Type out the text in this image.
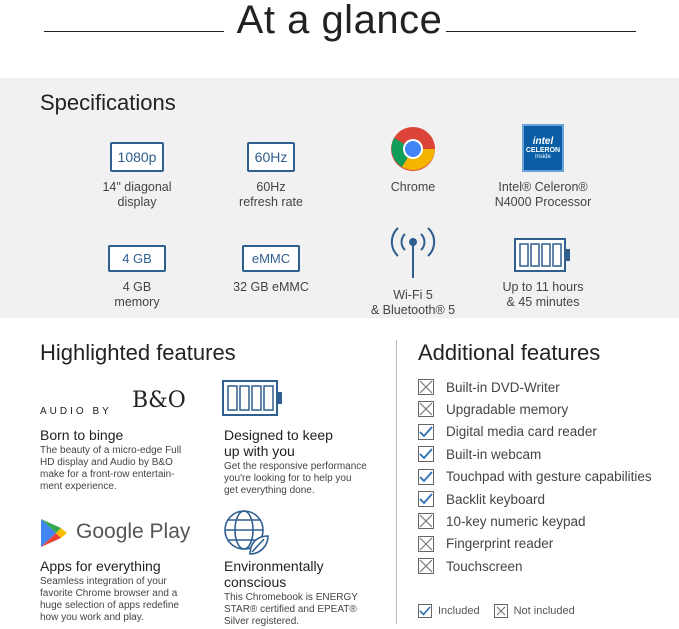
At a glance
Specifications
1080p
14" diagonal
display
60Hz
60Hz
refresh rate
Chrome
intel
CELERON
inside
Intel® Celeron®
N4000 Processor
4 GB
4 GB
memory
eMMC
32 GB eMMC
Wi-Fi 5
& Bluetooth® 5
Up to 11 hours
& 45 minutes
Highlighted features
AUDIO BY B&O
Born to binge
The beauty of a micro-edge Full
HD display and Audio by B&O
make for a front-row entertain-
ment experience.
Designed to keep
up with you
Get the responsive performance
you're looking for to help you
get everything done.
Google Play
Apps for everything
Seamless integration of your
favorite Chrome browser and a
huge selection of apps redefine
how you work and play.
Environmentally
conscious
This Chromebook is ENERGY
STAR® certified and EPEAT®
Silver registered.
Additional features
Built-in DVD-Writer
Upgradable memory
Digital media card reader
Built-in webcam
Touchpad with gesture capabilities
Backlit keyboard
10-key numeric keypad
Fingerprint reader
Touchscreen
Included	Not included
